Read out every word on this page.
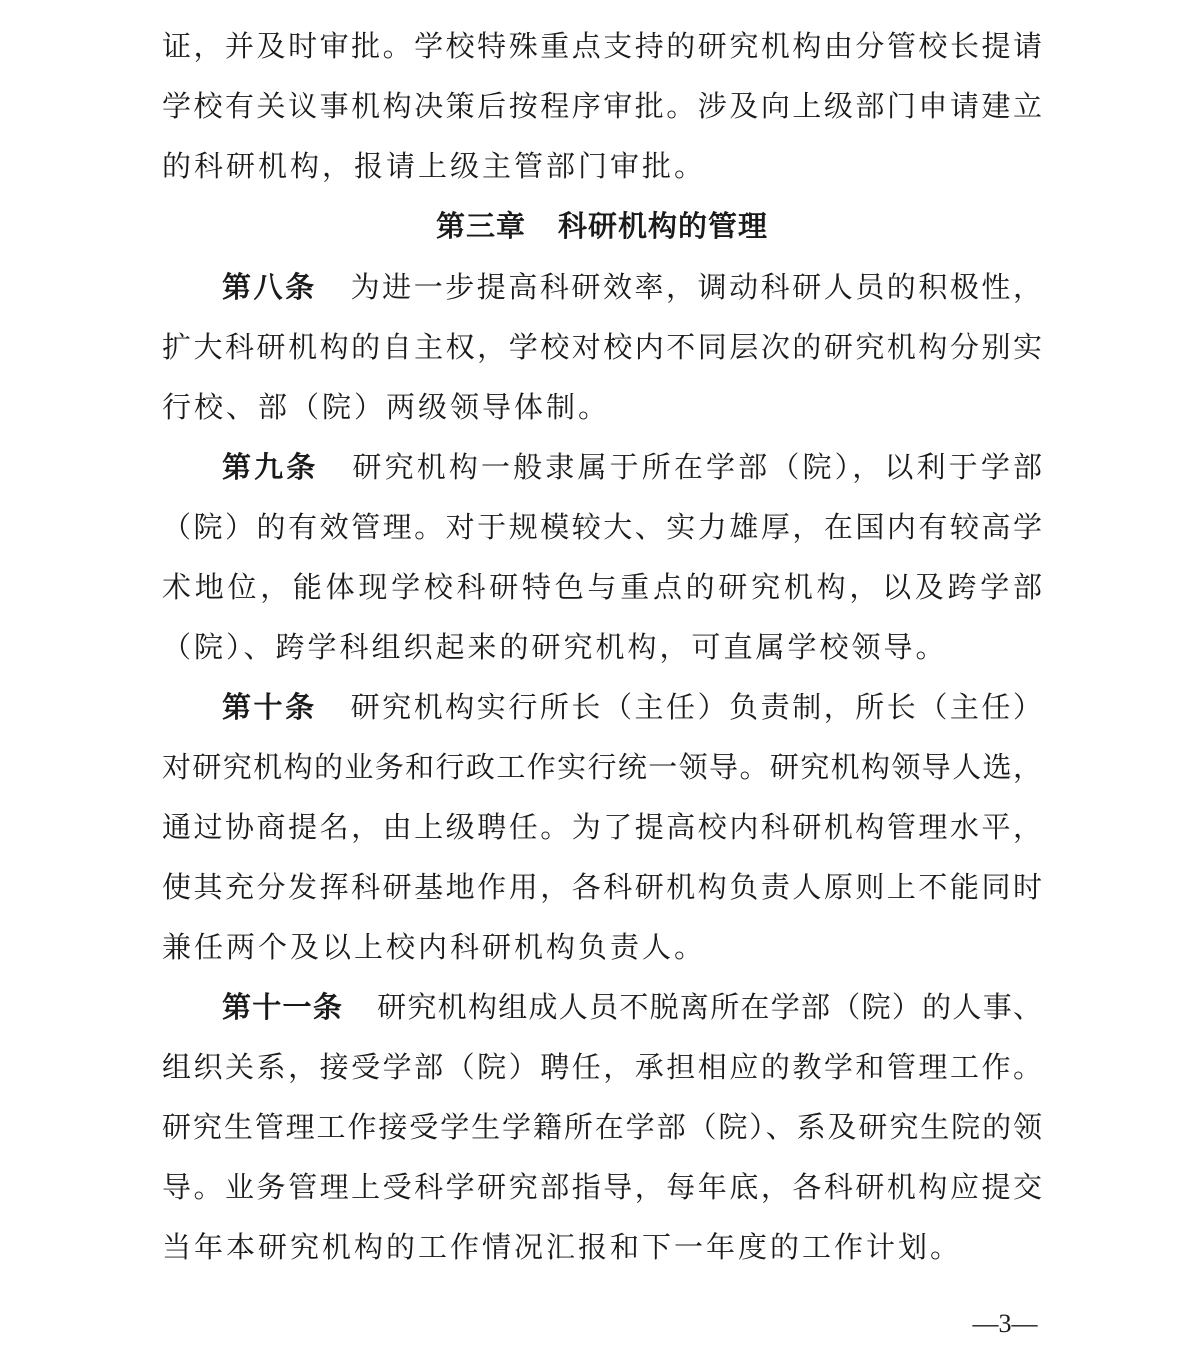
证，并及时审批。学校特殊重点支持的研究机构由分管校长提请
学校有关议事机构决策后按程序审批。涉及向上级部门申请建立
的科研机构，报请上级主管部门审批。
第三章 科研机构的管理
第八条 为进一步提高科研效率，调动科研人员的积极性，
扩大科研机构的自主权，学校对校内不同层次的研究机构分别实
行校、部（院）两级领导体制。
第九条 研究机构一般隶属于所在学部（院），以利于学部
（院）的有效管理。对于规模较大、实力雄厚，在国内有较高学
术地位，能体现学校科研特色与重点的研究机构，以及跨学部
（院）、跨学科组织起来的研究机构，可直属学校领导。
第十条 研究机构实行所长（主任）负责制，所长（主任）
对研究机构的业务和行政工作实行统一领导。研究机构领导人选，
通过协商提名，由上级聘任。为了提高校内科研机构管理水平，
使其充分发挥科研基地作用，各科研机构负责人原则上不能同时
兼任两个及以上校内科研机构负责人。
第十一条 研究机构组成人员不脱离所在学部（院）的人事、
组织关系，接受学部（院）聘任，承担相应的教学和管理工作。
研究生管理工作接受学生学籍所在学部（院）、系及研究生院的领
导。业务管理上受科学研究部指导，每年底，各科研机构应提交
当年本研究机构的工作情况汇报和下一年度的工作计划。
—3—
